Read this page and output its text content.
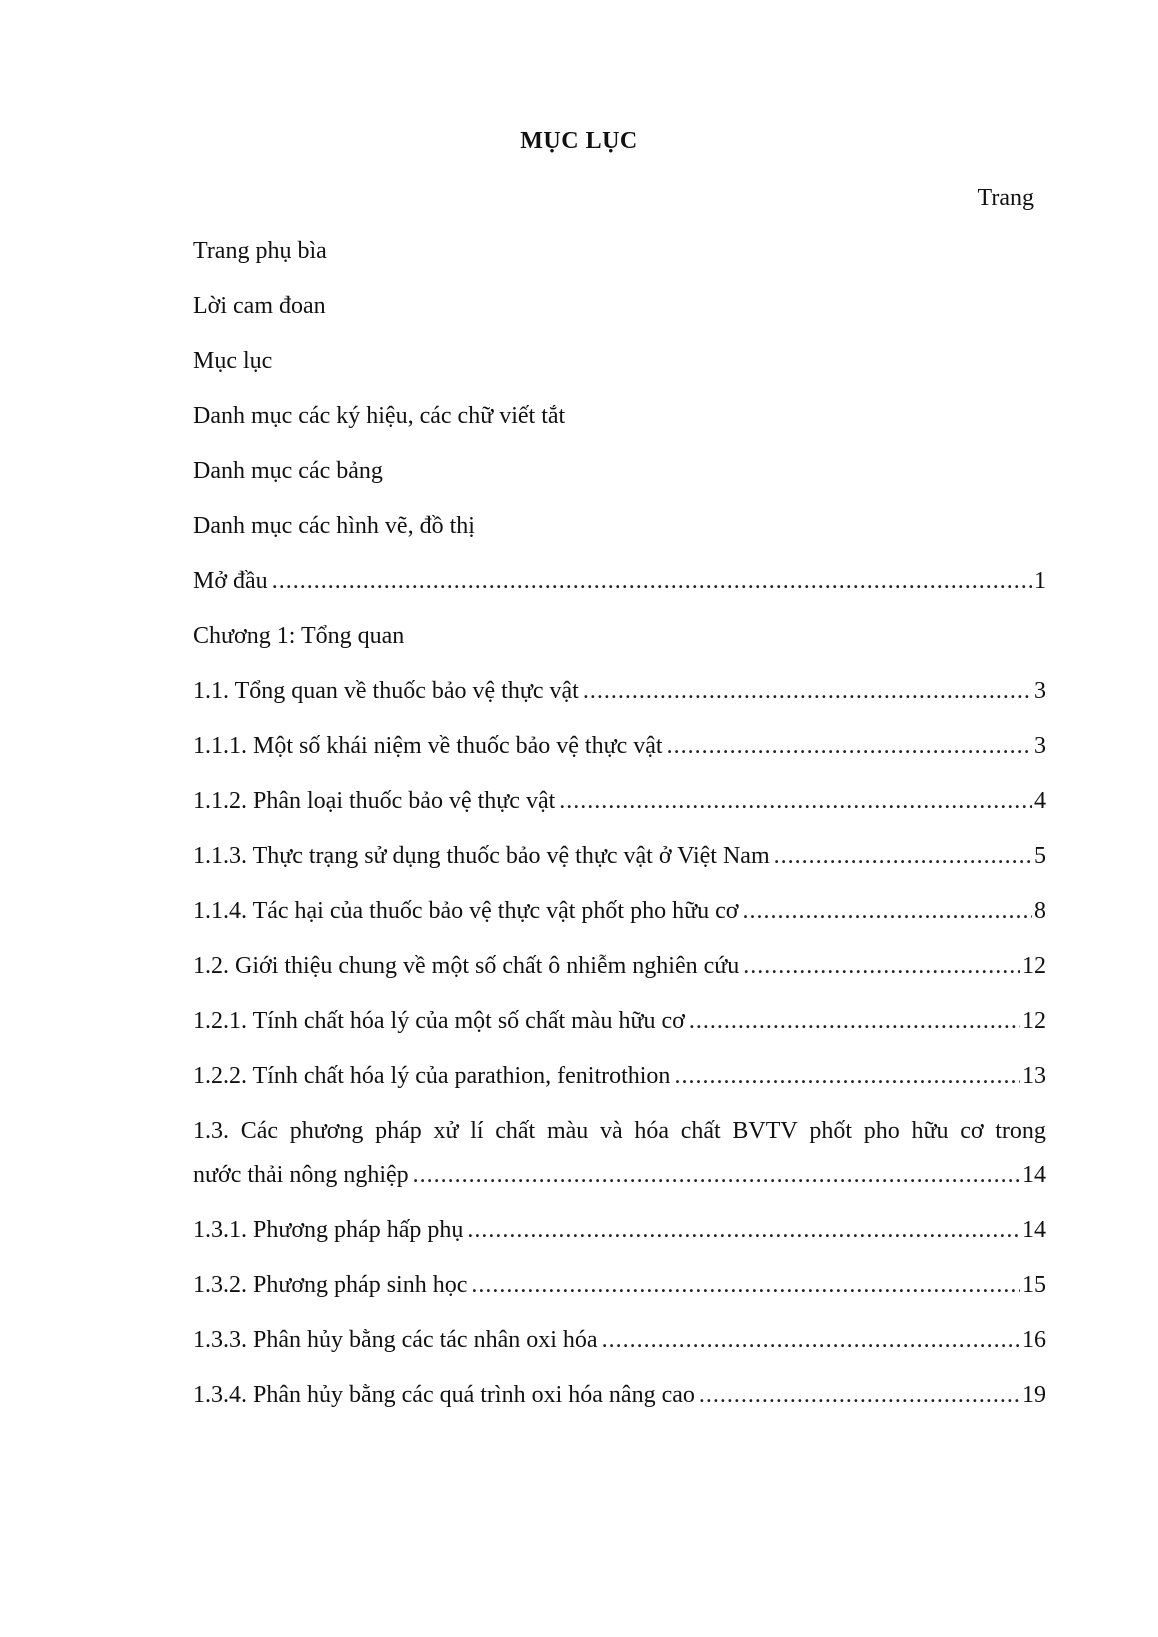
MỤC LỤC
Trang
Trang phụ bìa
Lời cam đoan
Mục lục
Danh mục các ký hiệu, các chữ viết tắt
Danh mục các bảng
Danh mục các hình vẽ, đồ thị
Mở đầu .....	1
Chương 1: Tổng quan
1.1. Tổng quan về thuốc bảo vệ thực vật .....	3
1.1.1. Một số khái niệm về thuốc bảo vệ thực vật .....	3
1.1.2. Phân loại thuốc bảo vệ thực vật .....	4
1.1.3. Thực trạng sử dụng thuốc bảo vệ thực vật ở Việt Nam .....	5
1.1.4. Tác hại của thuốc bảo vệ thực vật phốt pho hữu cơ .....	8
1.2. Giới thiệu chung về một số chất ô nhiễm nghiên cứu .....	12
1.2.1. Tính chất hóa lý của một số chất màu hữu cơ .....	12
1.2.2. Tính chất hóa lý của parathion, fenitrothion .....	13
1.3. Các phương pháp xử lí chất màu và hóa chất BVTV phốt pho hữu cơ trong
nước thải nông nghiệp .....	14
1.3.1. Phương pháp hấp phụ .....	14
1.3.2. Phương pháp sinh học .....	15
1.3.3. Phân hủy bằng các tác nhân oxi hóa .....	16
1.3.4. Phân hủy bằng các quá trình oxi hóa nâng cao .....	19
